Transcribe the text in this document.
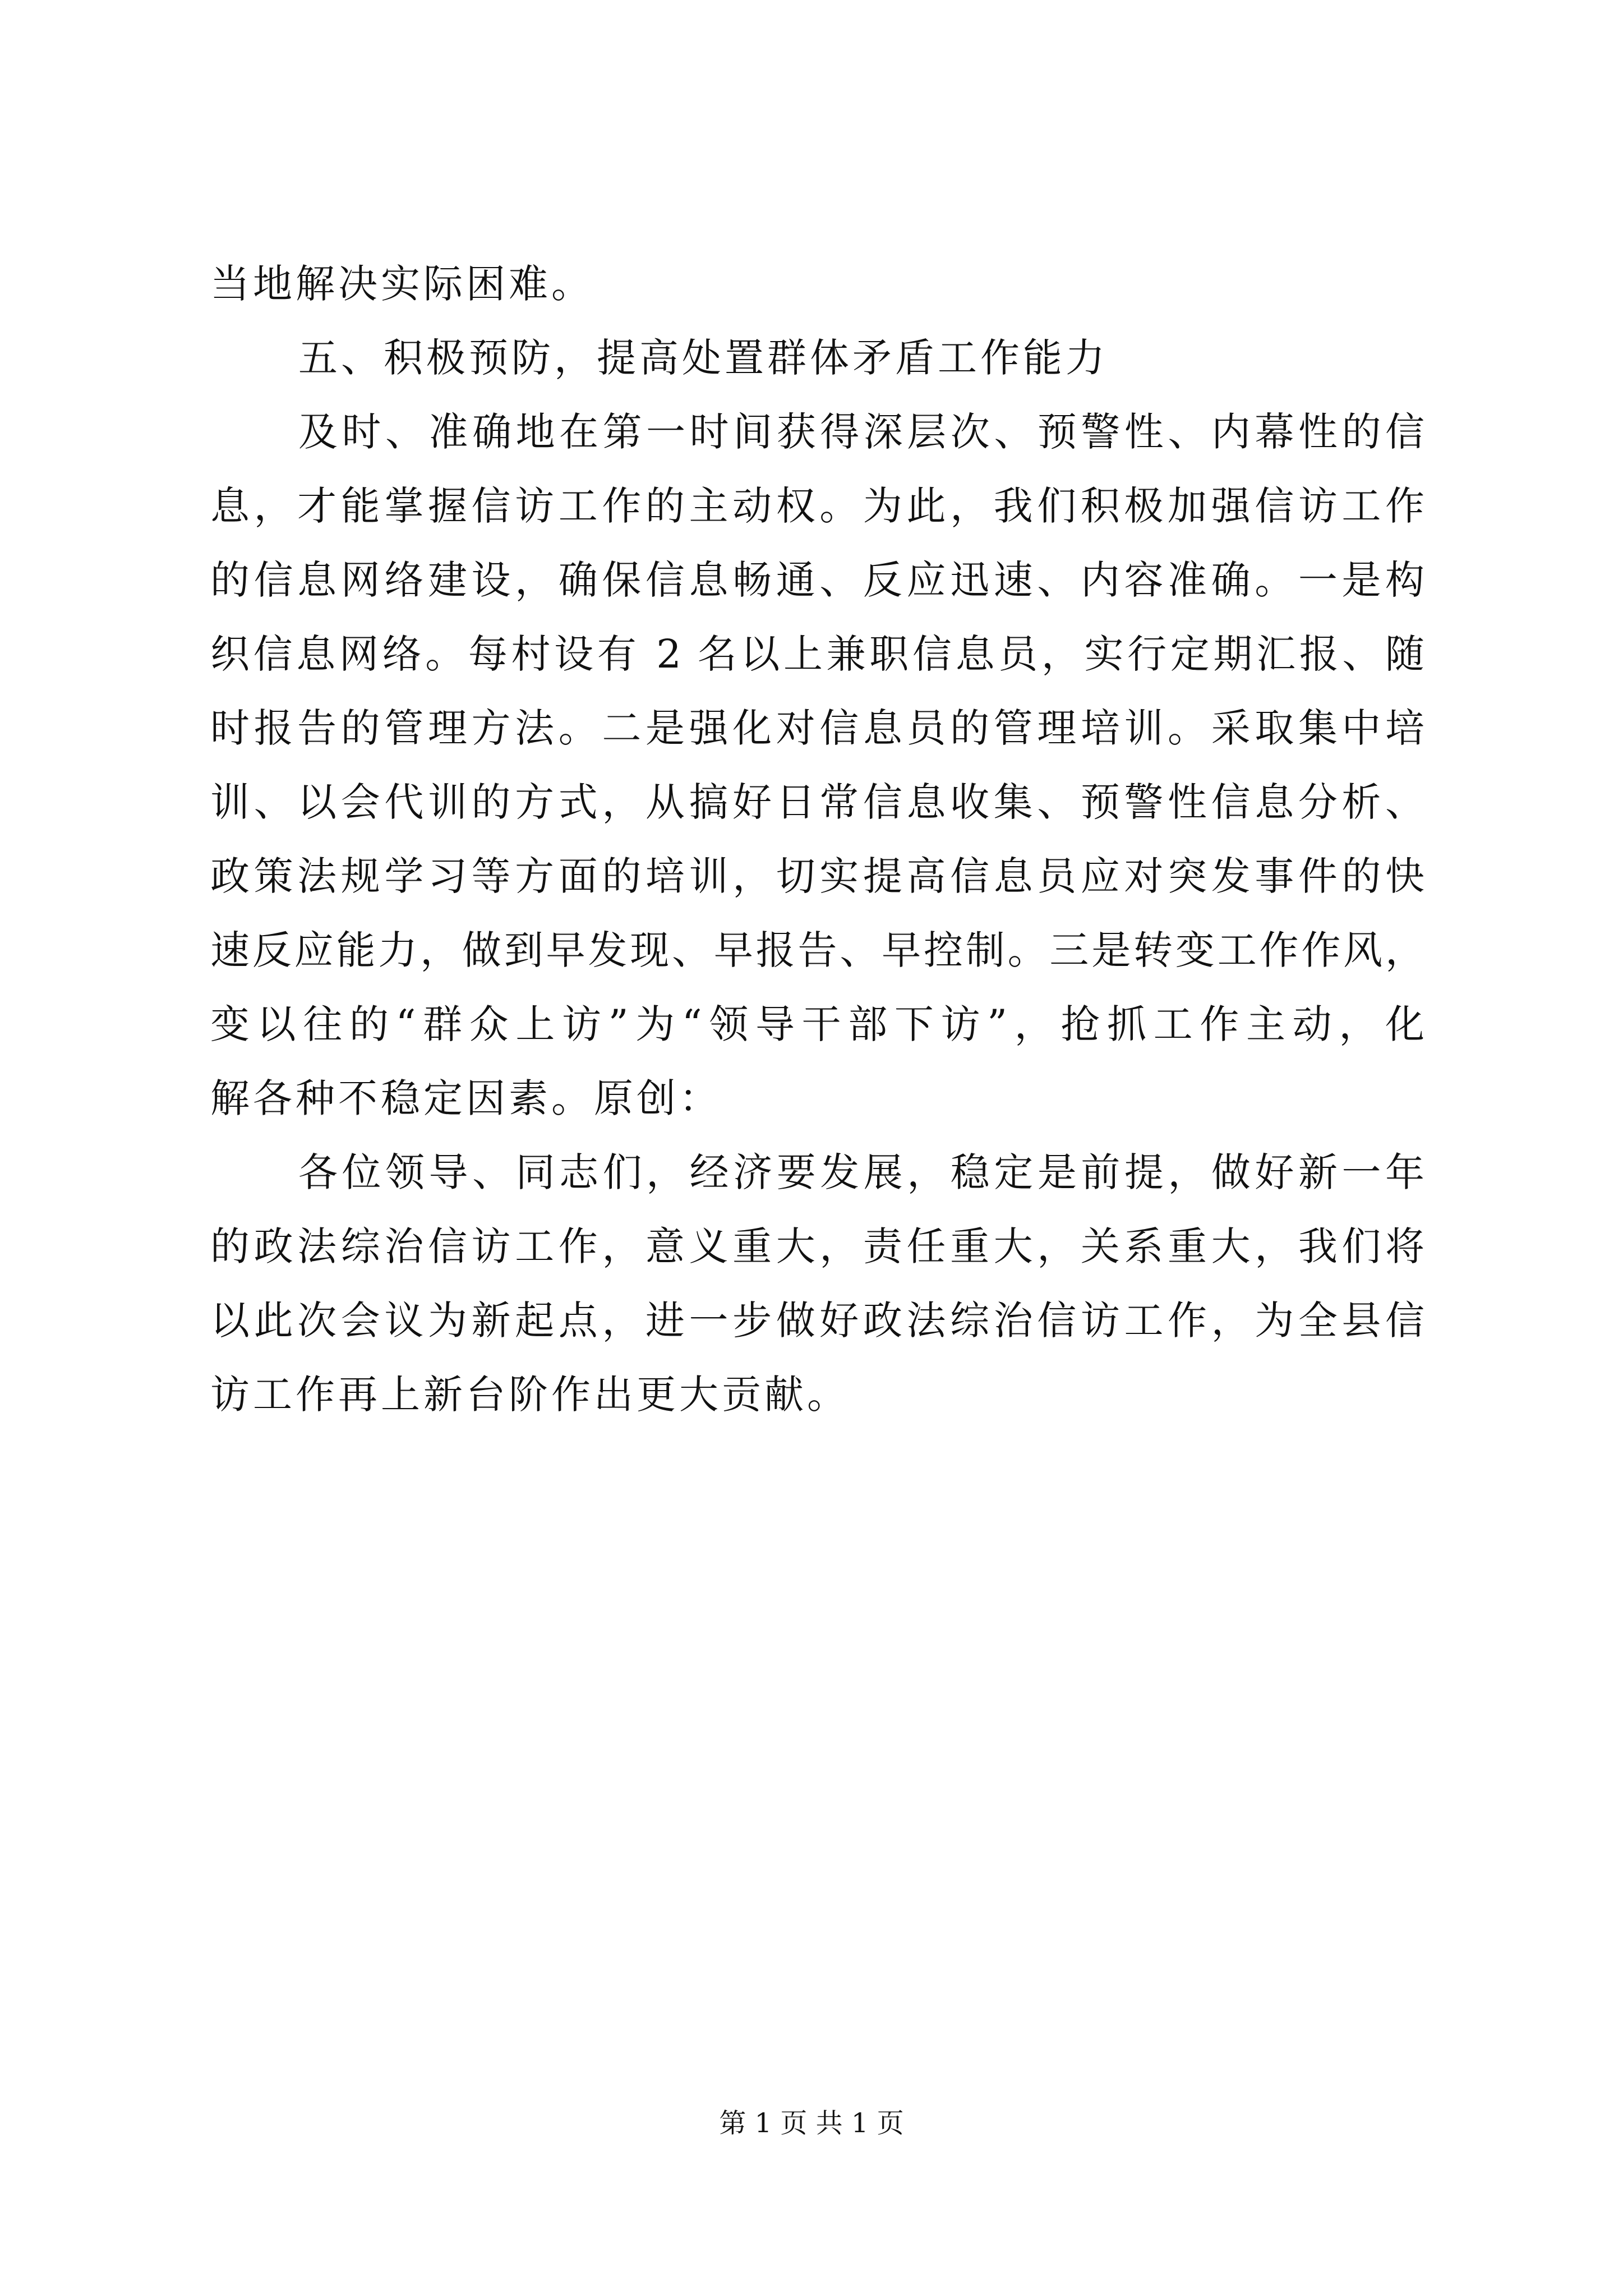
当地解决实际困难。
五、积极预防，提高处置群体矛盾工作能力
及时、准确地在第一时间获得深层次、预警性、内幕性的信
息，才能掌握信访工作的主动权。为此，我们积极加强信访工作
的信息网络建设，确保信息畅通、反应迅速、内容准确。一是构
织信息网络。每村设有 2 名以上兼职信息员，实行定期汇报、随
时报告的管理方法。二是强化对信息员的管理培训。采取集中培
训、以会代训的方式，从搞好日常信息收集、预警性信息分析、
政策法规学习等方面的培训，切实提高信息员应对突发事件的快
速反应能力，做到早发现、早报告、早控制。三是转变工作作风，
变以往的“群众上访”为“领导干部下访”，抢抓工作主动，化
解各种不稳定因素。原创：
各位领导、同志们，经济要发展，稳定是前提，做好新一年
的政法综治信访工作，意义重大，责任重大，关系重大，我们将
以此次会议为新起点，进一步做好政法综治信访工作，为全县信
访工作再上新台阶作出更大贡献。
第 1 页 共 1 页
